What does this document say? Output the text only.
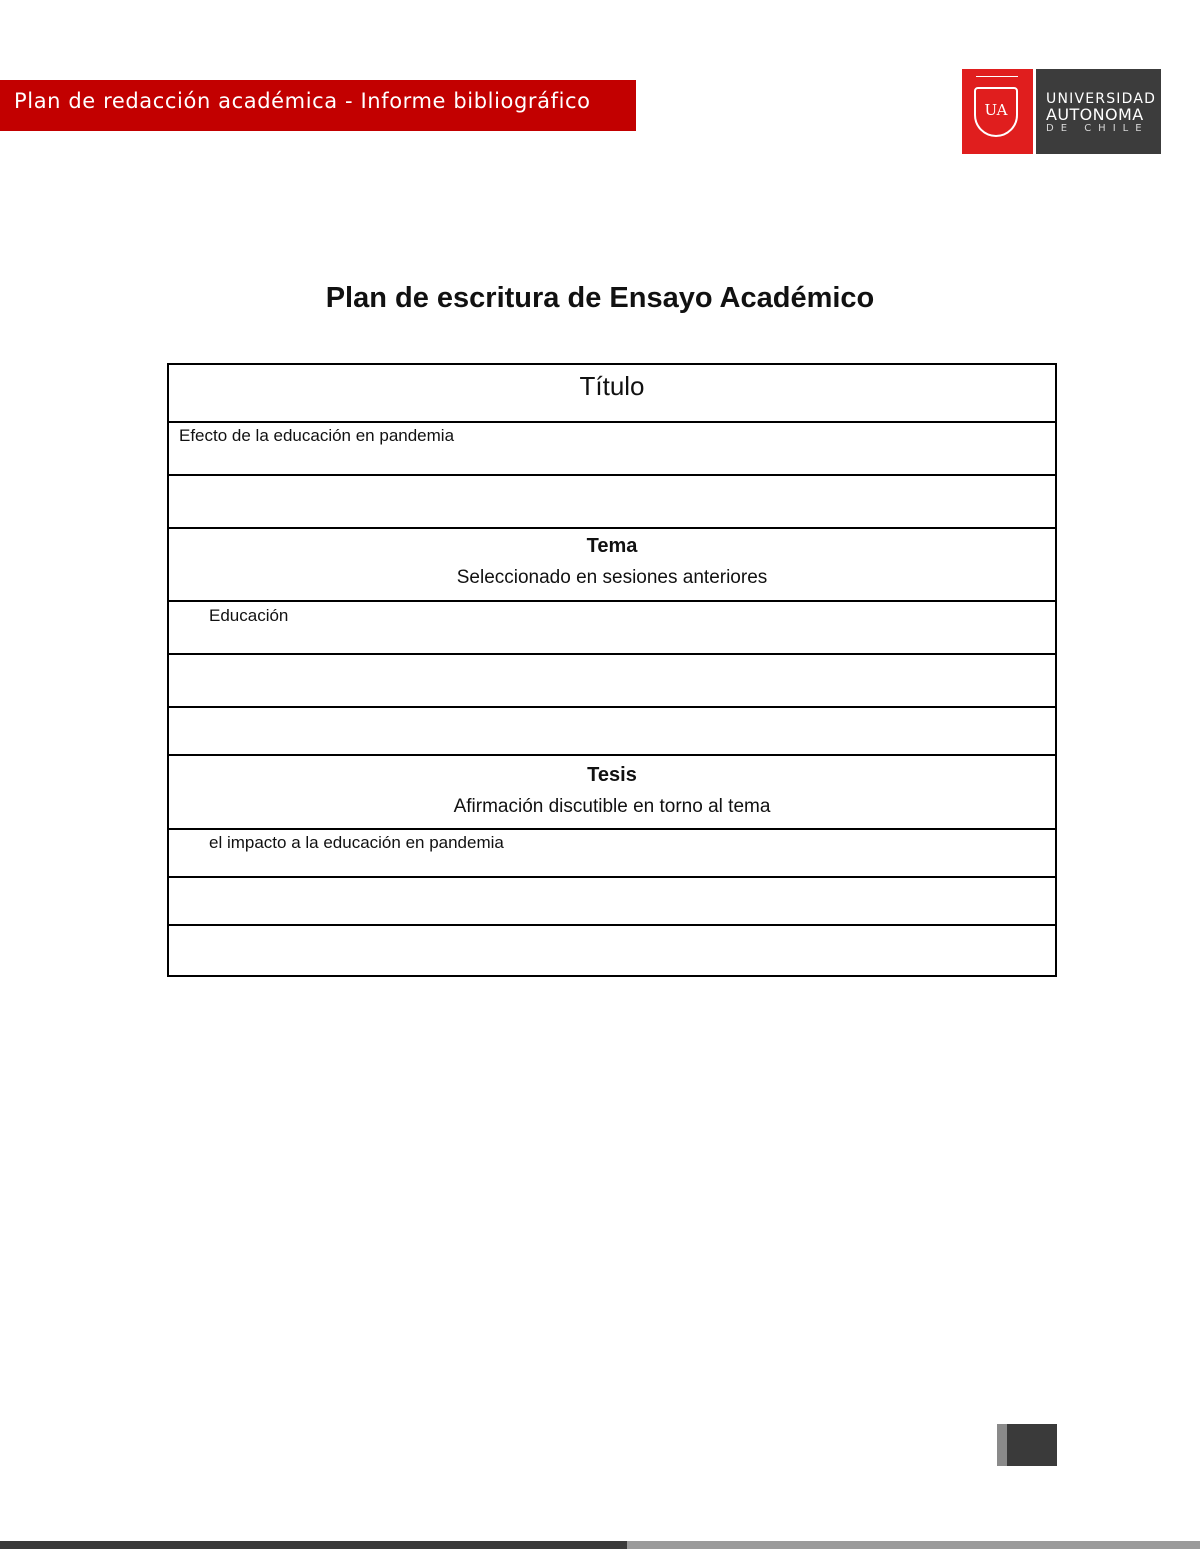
Plan de redacción académica - Informe bibliográfico	UA
UNIVERSIDAD
AUTONOMA
DE CHILE
Plan de escritura de Ensayo Académico
Título
Efecto de la educación en pandemia
Tema
Seleccionado en sesiones anteriores
Educación
Tesis
Afirmación discutible en torno al tema
el impacto a la educación en pandemia
